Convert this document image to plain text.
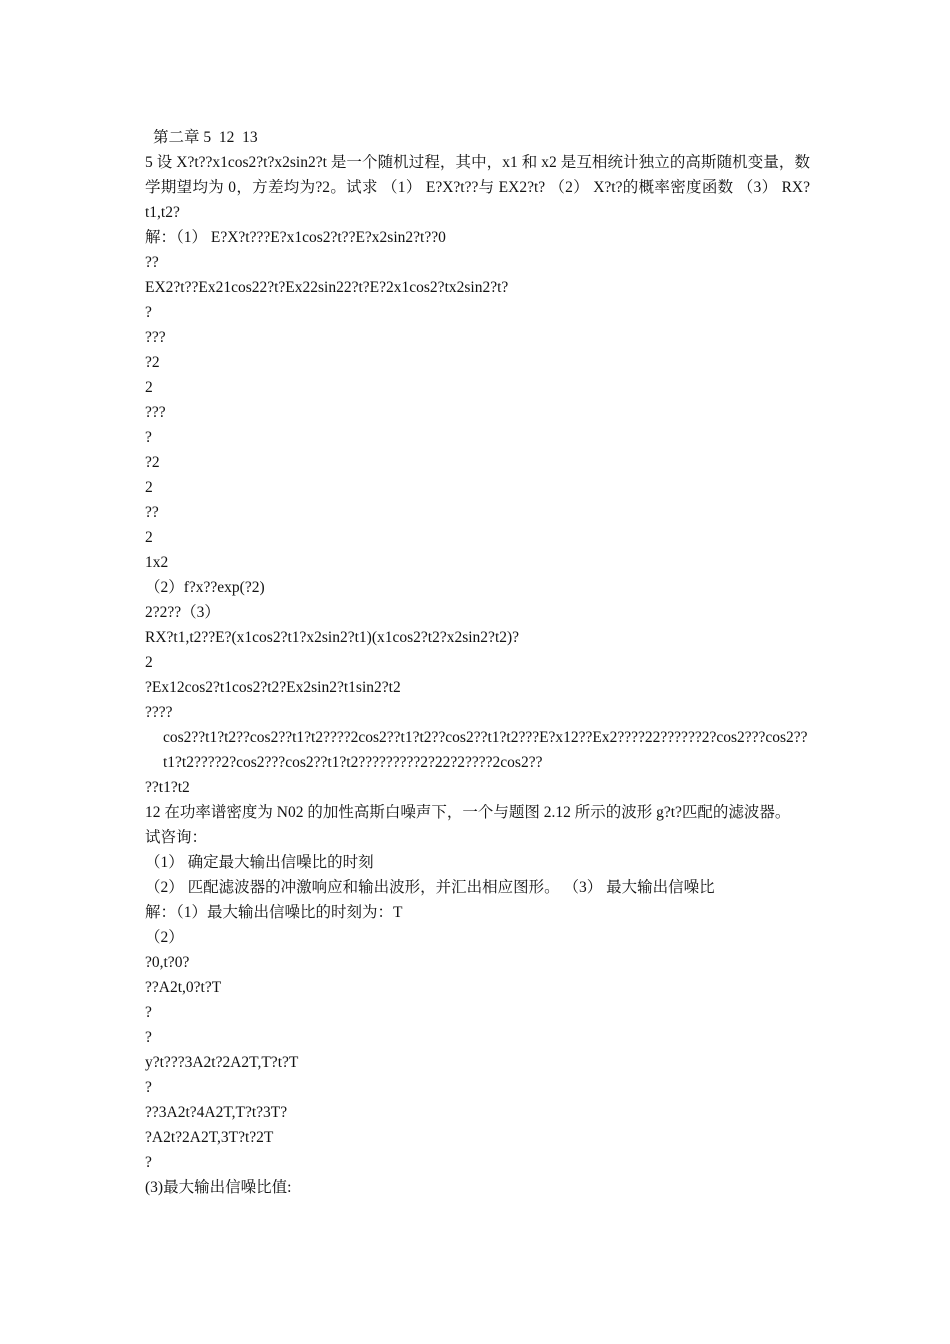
第二章 5  12  13
5 设 X?t??x1cos2?t?x2sin2?t 是一个随机过程，其中，x1 和 x2 是互相统计独立的高斯随机变量，数学期望均为 0，方差均为?2。试求 （1） E?X?t??与 EX2?t? （2） X?t?的概率密度函数 （3） RX?t1,t2?
解：（1） E?X?t???E?x1cos2?t??E?x2sin2?t??0
??
EX2?t??Ex21cos22?t?Ex22sin22?t?E?2x1cos2?tx2sin2?t?
?
???
?2
2
???
?
?2
2
??
2
1x2
（2）f?x??exp(?2)
2?2??（3）
RX?t1,t2??E?(x1cos2?t1?x2sin2?t1)(x1cos2?t2?x2sin2?t2)?
2
?Ex12cos2?t1cos2?t2?Ex2sin2?t1sin2?t2
????
cos2??t1?t2??cos2??t1?t2????2cos2??t1?t2??cos2??t1?t2???E?x12??Ex2????22??????2?cos2???cos2??t1?t2????2?cos2???cos2??t1?t2?????????2?22?2????2cos2??
??t1?t2
12 在功率谱密度为 N02 的加性高斯白噪声下，一个与题图 2.12 所示的波形 g?t?匹配的滤波器。
试咨询：
（1） 确定最大输出信噪比的时刻
（2） 匹配滤波器的冲激响应和输出波形，并汇出相应图形。 （3） 最大输出信噪比
解：（1）最大输出信噪比的时刻为：T
（2）
?0,t?0?
??A2t,0?t?T
?
?
y?t???3A2t?2A2T,T?t?T
?
??3A2t?4A2T,T?t?3T?
?A2t?2A2T,3T?t?2T
?
(3)最大输出信噪比值:
